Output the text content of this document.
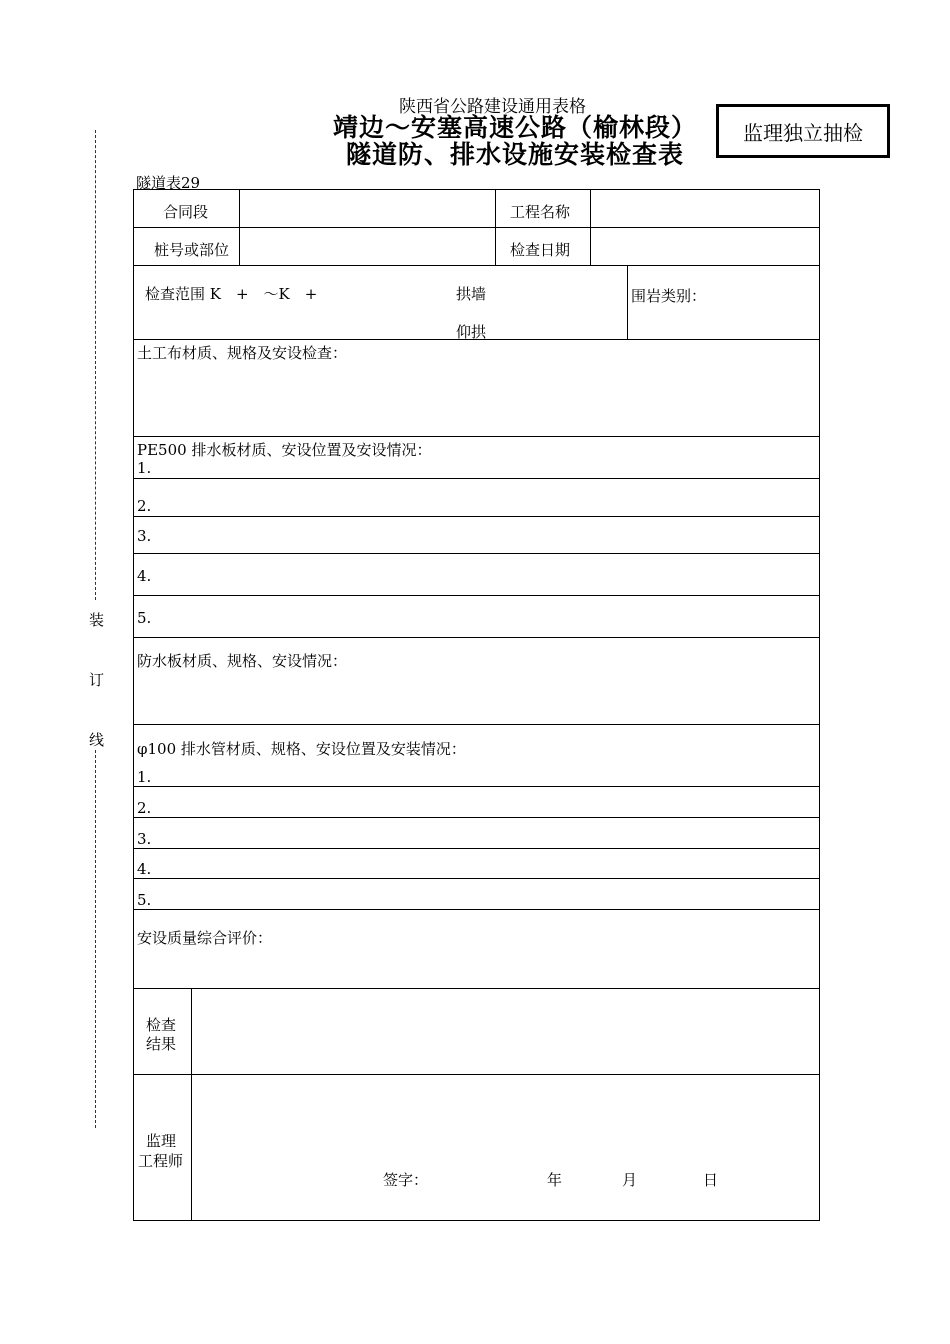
陕西省公路建设通用表格
靖边～安塞高速公路（榆林段）
隧道防、排水设施安装检查表
监理独立抽检
隧道表29
装
订
线
合同段	工程名称
桩号或部位	检查日期
检查范围 K　+　～K　+	拱墙
仰拱
围岩类别：
土工布材质、规格及安设检查：
PE500 排水板材质、安设位置及安设情况：
1.
2.
3.
4.
5.
防水板材质、规格、安设情况：
φ100 排水管材质、规格、安设位置及安装情况：
1.
2.
3.
4.
5.
安设质量综合评价：
检查
结果
监理
工程师
签字：	年	月	日
